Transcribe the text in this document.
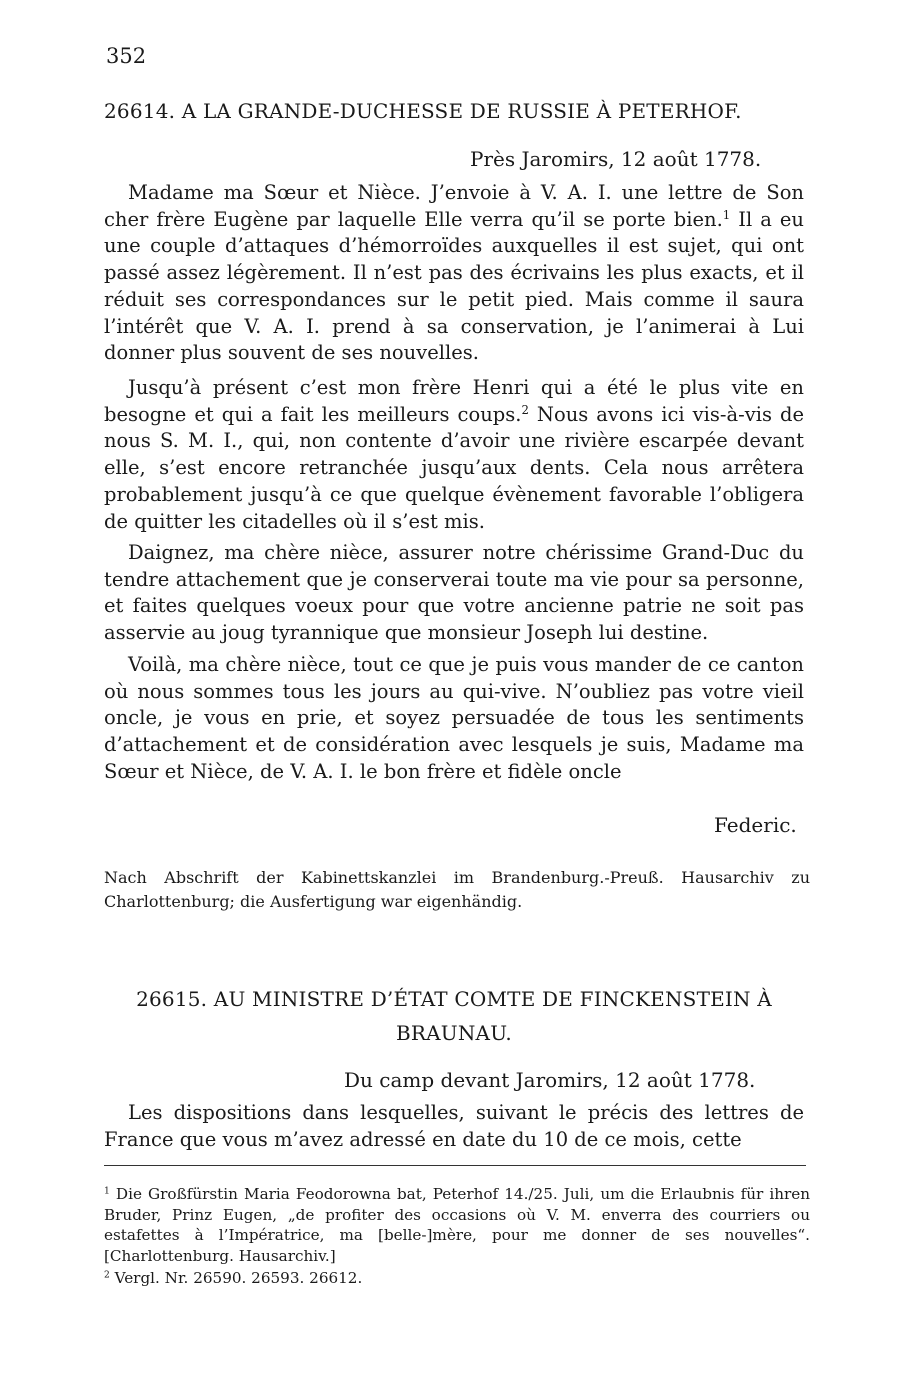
352
26614. A LA GRANDE-DUCHESSE DE RUSSIE À PETERHOF.
Près Jaromirs, 12 août 1778.

Madame ma Sœur et Nièce. J’envoie à V. A. I. une lettre de Son cher frère Eugène par laquelle Elle verra qu’il se porte bien.$^1$ Il a eu une couple d’attaques d’hémorroïdes auxquelles il est sujet, qui ont passé assez légèrement. Il n’est pas des écrivains les plus exacts, et il réduit ses correspondances sur le petit pied. Mais comme il saura l’intérêt que V. A. I. prend à sa conservation, je l’animerai à Lui donner plus souvent de ses nouvelles.

Jusqu’à présent c’est mon frère Henri qui a été le plus vite en besogne et qui a fait les meilleurs coups.$^2$ Nous avons ici vis-à-vis de nous S. M. I., qui, non contente d’avoir une rivière escarpée devant elle, s’est encore retranchée jusqu’aux dents. Cela nous arrêtera probablement jusqu’à ce que quelque évènement favorable l’obligera de quitter les citadelles où il s’est mis.

Daignez, ma chère nièce, assurer notre chérissime Grand-Duc du tendre attachement que je conserverai toute ma vie pour sa personne, et faites quelques voeux pour que votre ancienne patrie ne soit pas asservie au joug tyrannique que monsieur Joseph lui destine.

Voilà, ma chère nièce, tout ce que je puis vous mander de ce canton où nous sommes tous les jours au qui-vive. N’oubliez pas votre vieil oncle, je vous en prie, et soyez persuadée de tous les sentiments d’attachement et de considération avec lesquels je suis, Madame ma Sœur et Nièce, de V. A. I. le bon frère et fidèle oncle

Federic.

Nach Abschrift der Kabinettskanzlei im Brandenburg.-Preuß. Hausarchiv zu Charlottenburg; die Ausfertigung war eigenhändig.

26615. AU MINISTRE D’ÉTAT COMTE DE FINCKENSTEIN À
BRAUNAU.
Du camp devant Jaromirs, 12 août 1778.

Les dispositions dans lesquelles, suivant le précis des lettres de France que vous m’avez adressé en date du 10 de ce mois, cette

$^1$ Die Großfürstin Maria Feodorowna bat, Peterhof 14./25. Juli, um die Erlaubnis für ihren Bruder, Prinz Eugen, „de profiter des occasions où V. M. enverra des courriers ou estafettes à l’Impératrice, ma [belle-]mère, pour me donner de ses nouvelles“. [Charlottenburg. Hausarchiv.]

$^2$ Vergl. Nr. 26590. 26593. 26612.
